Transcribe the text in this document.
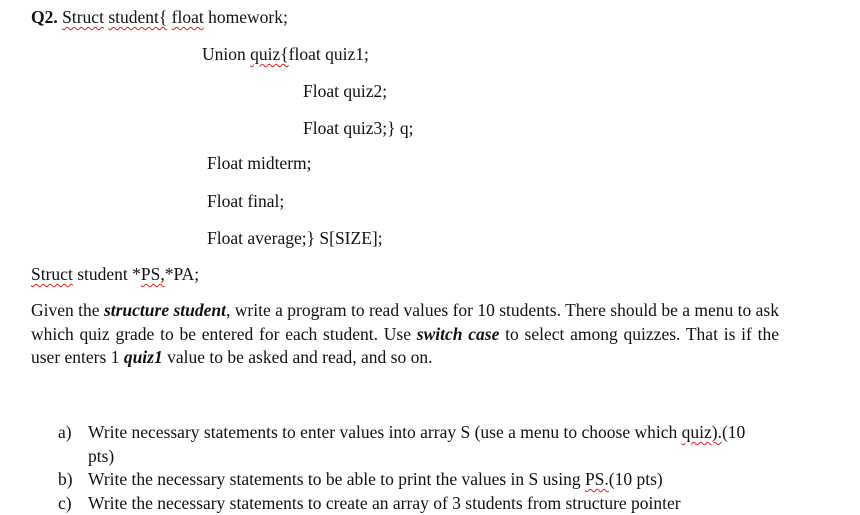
Q2. Struct student{ float homework;
Union quiz{float quiz1;
Float quiz2;
Float quiz3;} q;
Float midterm;
Float final;
Float average;} S[SIZE];
Struct student *PS,*PA;
Given the structure student, write a program to read values for 10 students. There should be a menu to ask which quiz grade to be entered for each student. Use switch case to select among quizzes. That is if the user enters 1 quiz1 value to be asked and read, and so on.
a) Write necessary statements to enter values into array S (use a menu to choose which quiz).(10 pts)
b) Write the necessary statements to be able to print the values in S using PS.(10 pts)
c) Write the necessary statements to create an array of 3 students from structure pointer
